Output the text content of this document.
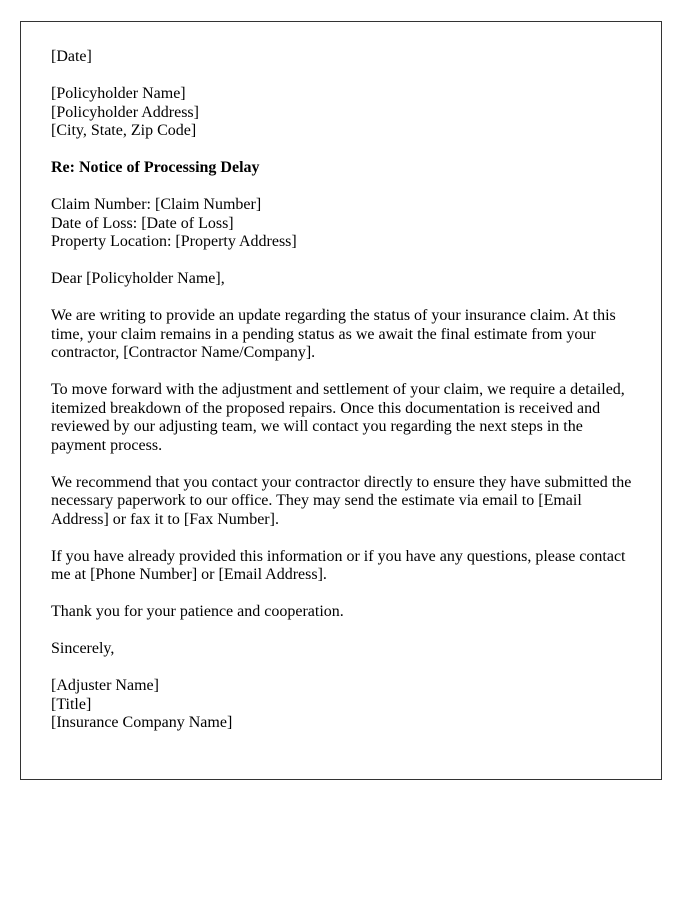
[Date]
[Policyholder Name]
[Policyholder Address]
[City, State, Zip Code]
Re: Notice of Processing Delay
Claim Number: [Claim Number]
Date of Loss: [Date of Loss]
Property Location: [Property Address]
Dear [Policyholder Name],

We are writing to provide an update regarding the status of your insurance claim. At this time, your claim remains in a pending status as we await the final estimate from your contractor, [Contractor Name/Company].

To move forward with the adjustment and settlement of your claim, we require a detailed, itemized breakdown of the proposed repairs. Once this documentation is received and reviewed by our adjusting team, we will contact you regarding the next steps in the payment process.

We recommend that you contact your contractor directly to ensure they have submitted the necessary paperwork to our office. They may send the estimate via email to [Email Address] or fax it to [Fax Number].

If you have already provided this information or if you have any questions, please contact me at [Phone Number] or [Email Address].

Thank you for your patience and cooperation.

Sincerely,
[Adjuster Name]
[Title]
[Insurance Company Name]
